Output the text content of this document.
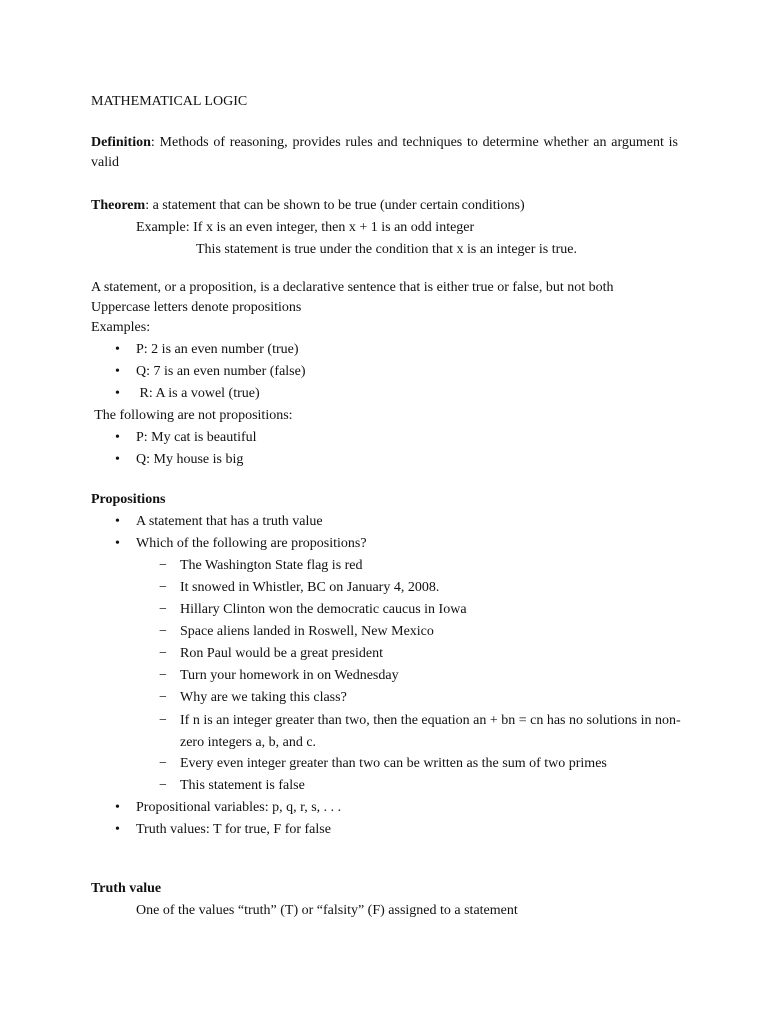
MATHEMATICAL LOGIC
Definition: Methods of reasoning, provides rules and techniques to determine whether an argument is valid
Theorem: a statement that can be shown to be true (under certain conditions)
Example: If x is an even integer, then x + 1 is an odd integer
This statement is true under the condition that x is an integer is true.
A statement, or a proposition, is a declarative sentence that is either true or false, but not both
Uppercase letters denote propositions
Examples:
• P: 2 is an even number (true)
• Q: 7 is an even number (false)
• R: A is a vowel (true)
The following are not propositions:
• P: My cat is beautiful
• Q: My house is big
Propositions
• A statement that has a truth value
• Which of the following are propositions?
− The Washington State flag is red
− It snowed in Whistler, BC on January 4, 2008.
− Hillary Clinton won the democratic caucus in Iowa
− Space aliens landed in Roswell, New Mexico
− Ron Paul would be a great president
− Turn your homework in on Wednesday
− Why are we taking this class?
− If n is an integer greater than two, then the equation an + bn = cn has no solutions in non-zero integers a, b, and c.
− Every even integer greater than two can be written as the sum of two primes
− This statement is false
• Propositional variables: p, q, r, s, . . .
• Truth values: T for true, F for false
Truth value
One of the values “truth” (T) or “falsity” (F) assigned to a statement
